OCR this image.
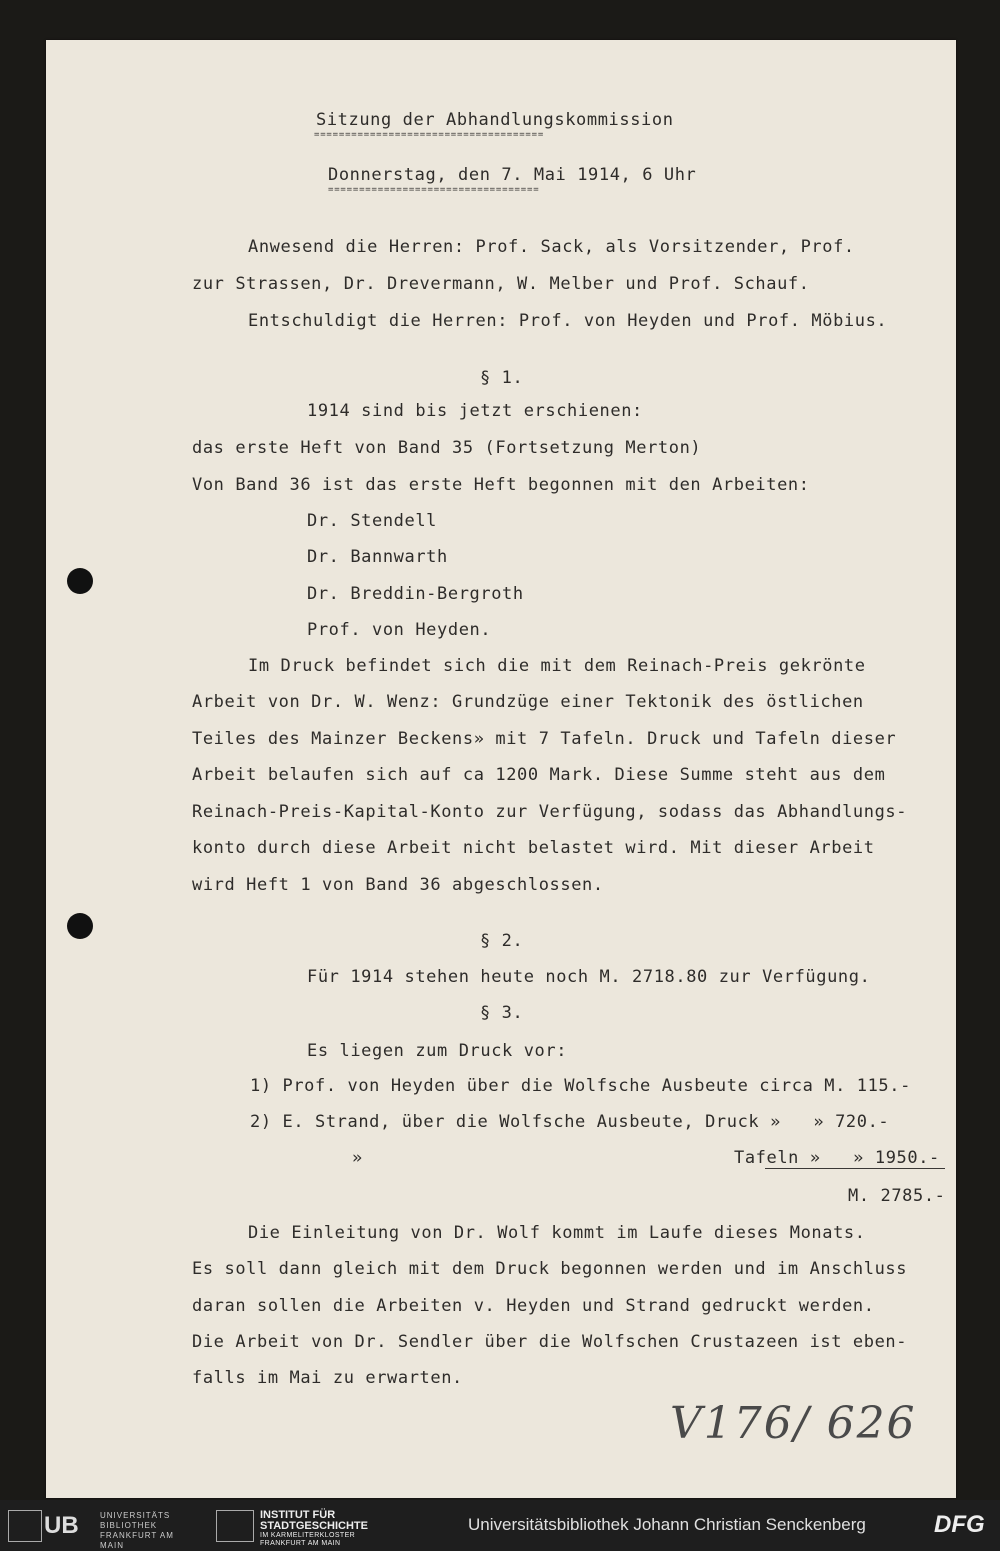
Sitzung der Abhandlungskommission
=====================================
Donnerstag, den 7. Mai 1914, 6 Uhr
==================================
Anwesend die Herren: Prof. Sack, als Vorsitzender, Prof.
zur Strassen, Dr. Drevermann, W. Melber und Prof. Schauf.
Entschuldigt die Herren: Prof. von Heyden und Prof. Möbius.
§ 1.
1914 sind bis jetzt erschienen:
das erste Heft von Band 35 (Fortsetzung Merton)
Von Band 36 ist das erste Heft begonnen mit den Arbeiten:
Dr. Stendell
Dr. Bannwarth
Dr. Breddin-Bergroth
Prof. von Heyden.
Im Druck befindet sich die mit dem Reinach-Preis gekrönte
Arbeit von Dr. W. Wenz: Grundzüge einer Tektonik des östlichen
Teiles des Mainzer Beckens» mit 7 Tafeln. Druck und Tafeln dieser
Arbeit belaufen sich auf ca 1200 Mark. Diese Summe steht aus dem
Reinach-Preis-Kapital-Konto zur Verfügung, sodass das Abhandlungs-
konto durch diese Arbeit nicht belastet wird. Mit dieser Arbeit
wird Heft 1 von Band 36 abgeschlossen.
§ 2.
Für 1914 stehen heute noch M. 2718.80 zur Verfügung.
§ 3.
Es liegen zum Druck vor:
1) Prof. von Heyden über die Wolfsche Ausbeute circa M. 115.-
2) E. Strand, über die Wolfsche Ausbeute, Druck »   » 720.-
»	Tafeln »   » 1950.-
M. 2785.-
Die Einleitung von Dr. Wolf kommt im Laufe dieses Monats.
Es soll dann gleich mit dem Druck begonnen werden und im Anschluss
daran sollen die Arbeiten v. Heyden und Strand gedruckt werden.
Die Arbeit von Dr. Sendler über die Wolfschen Crustazeen ist eben-
falls im Mai zu erwarten.
V176/ 626
UB	UNIVERSITÄTS
BIBLIOTHEK
FRANKFURT AM MAIN
INSTITUT FÜR
STADTGESCHICHTE
IM KARMELITERKLOSTER
FRANKFURT AM MAIN
Universitätsbibliothek Johann Christian Senckenberg	DFG
